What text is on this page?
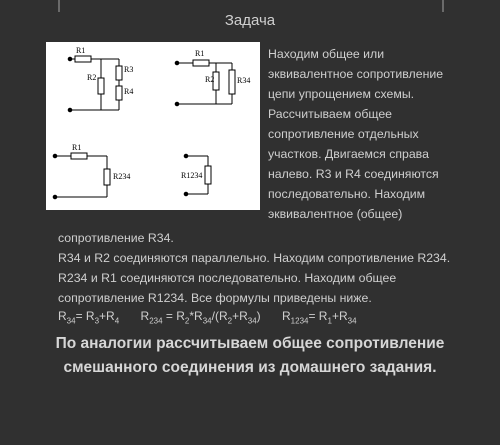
Задача
R1
R2
R3
R4
R1
R2	R34
R1
R234	R1234
Находим общее или
эквивалентное сопротивление
цепи упрощением схемы.
Рассчитываем общее
сопротивление отдельных
участков. Двигаемся справа
налево. R3 и R4 соединяются
последовательно. Находим
эквивалентное (общее)
сопротивление R34.
R34 и R2 соединяются параллельно. Находим сопротивление R234.
R234 и R1 соединяются последовательно. Находим общее
сопротивление R1234. Все формулы приведены ниже.
$R_{34}= R_3+R_4$ $R_{234} = R_2*R_{34}/(R_2+R_{34})$ $R_{1234}= R_1+R_{34}$
По аналогии рассчитываем общее сопротивление
смешанного соединения из домашнего задания.
